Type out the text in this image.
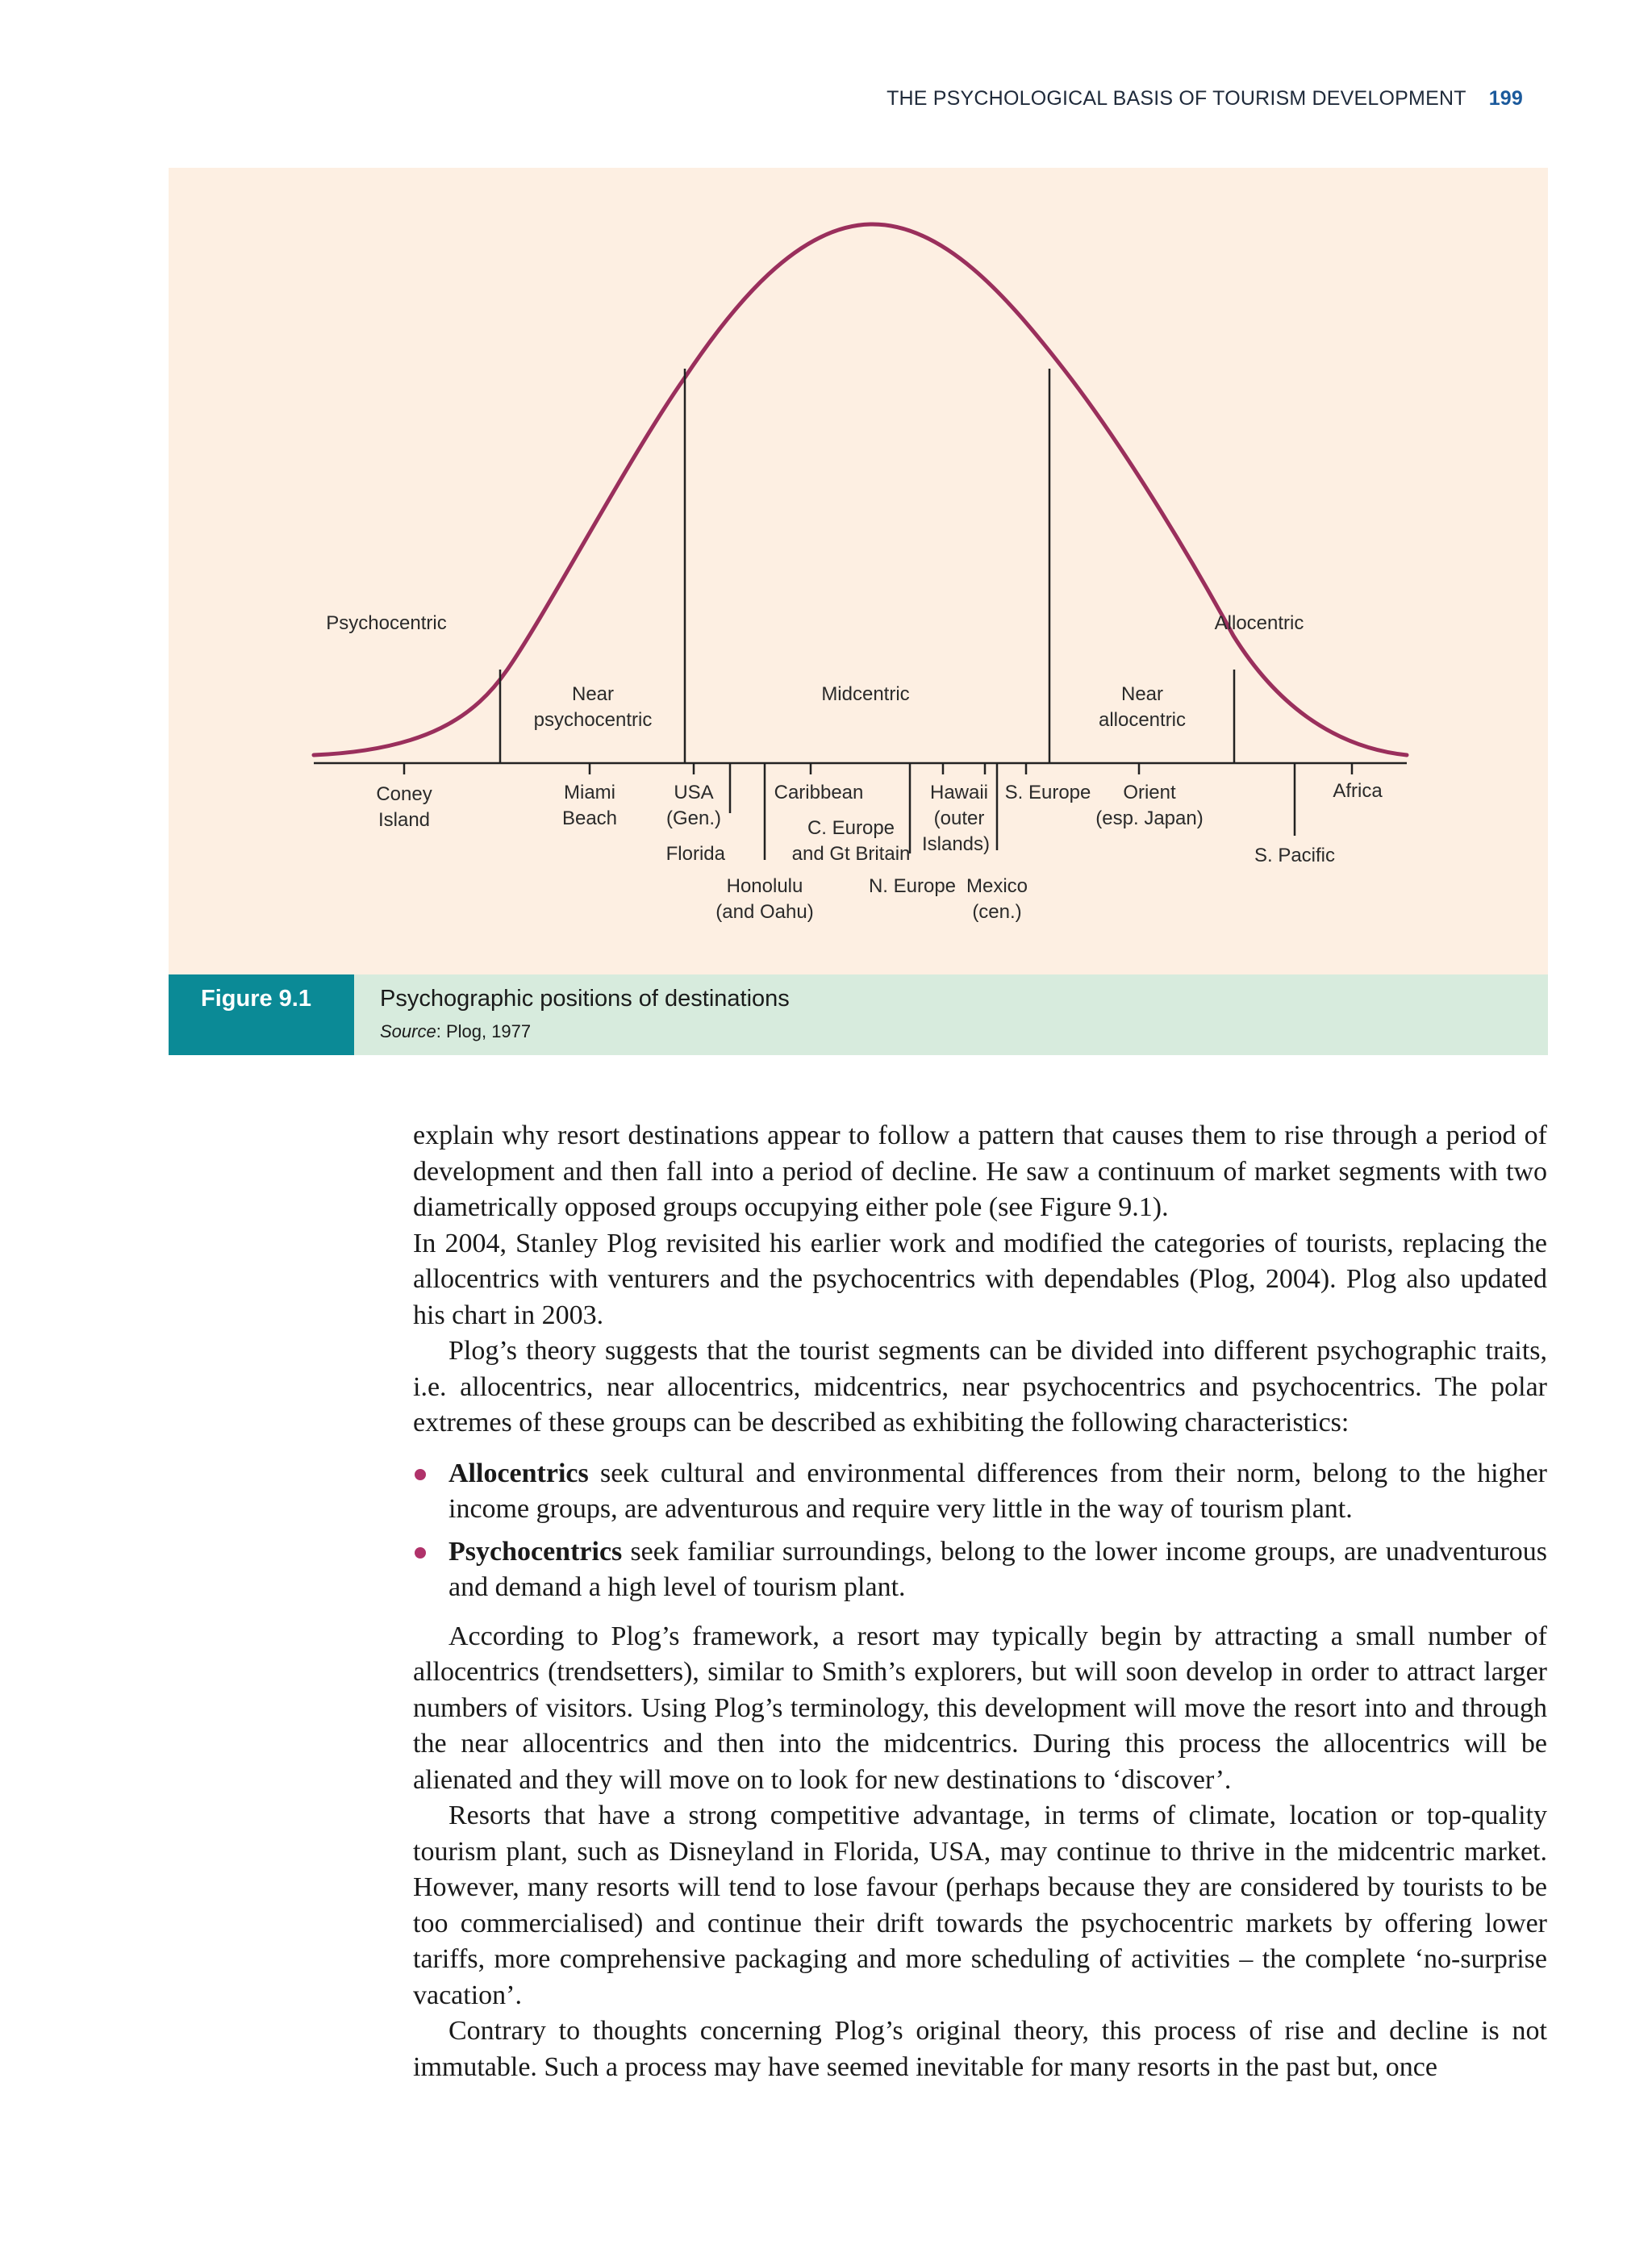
THE PSYCHOLOGICAL BASIS OF TOURISM DEVELOPMENT 199
Psychocentric
Near
psychocentric
Midcentric	Near
allocentric
Allocentric
Coney
Island
Miami
Beach
USA
(Gen.)
Florida
Honolulu
(and Oahu)
Caribbean
C. Europe
and Gt Britain
N. Europe
Hawaii
(outer
Islands)
Mexico
(cen.)
S. Europe Orient
(esp. Japan)
S. Pacific
Africa
Figure 9.1	Psychographic positions of destinations
Source: Plog, 1977

explain why resort destinations appear to follow a pattern that causes them to rise through a period of development and then fall into a period of decline. He saw a continuum of market segments with two diametrically opposed groups occupying either pole (see Figure 9.1).

In 2004, Stanley Plog revisited his earlier work and modified the categories of tourists, replacing the allocentrics with venturers and the psychocentrics with dependables (Plog, 2004). Plog also updated his chart in 2003.

Plog’s theory suggests that the tourist segments can be divided into different psychographic traits, i.e. allocentrics, near allocentrics, midcentrics, near psychocentrics and psychocentrics. The polar extremes of these groups can be described as exhibiting the following characteristics:

Allocentrics seek cultural and environmental differences from their norm, belong to the higher income groups, are adventurous and require very little in the way of tourism plant.
Psychocentrics seek familiar surroundings, belong to the lower income groups, are unadventurous and demand a high level of tourism plant.

According to Plog’s framework, a resort may typically begin by attracting a small number of allocentrics (trendsetters), similar to Smith’s explorers, but will soon develop in order to attract larger numbers of visitors. Using Plog’s terminology, this development will move the resort into and through the near allocentrics and then into the midcentrics. During this process the allocentrics will be alienated and they will move on to look for new destinations to ‘discover’.

Resorts that have a strong competitive advantage, in terms of climate, location or top-quality tourism plant, such as Disneyland in Florida, USA, may continue to thrive in the midcentric market. However, many resorts will tend to lose favour (perhaps because they are considered by tourists to be too commercialised) and continue their drift towards the psychocentric markets by offering lower tariffs, more comprehensive packaging and more scheduling of activities – the complete ‘no-surprise vacation’.

Contrary to thoughts concerning Plog’s original theory, this process of rise and decline is not immutable. Such a process may have seemed inevitable for many resorts in the past but, once
